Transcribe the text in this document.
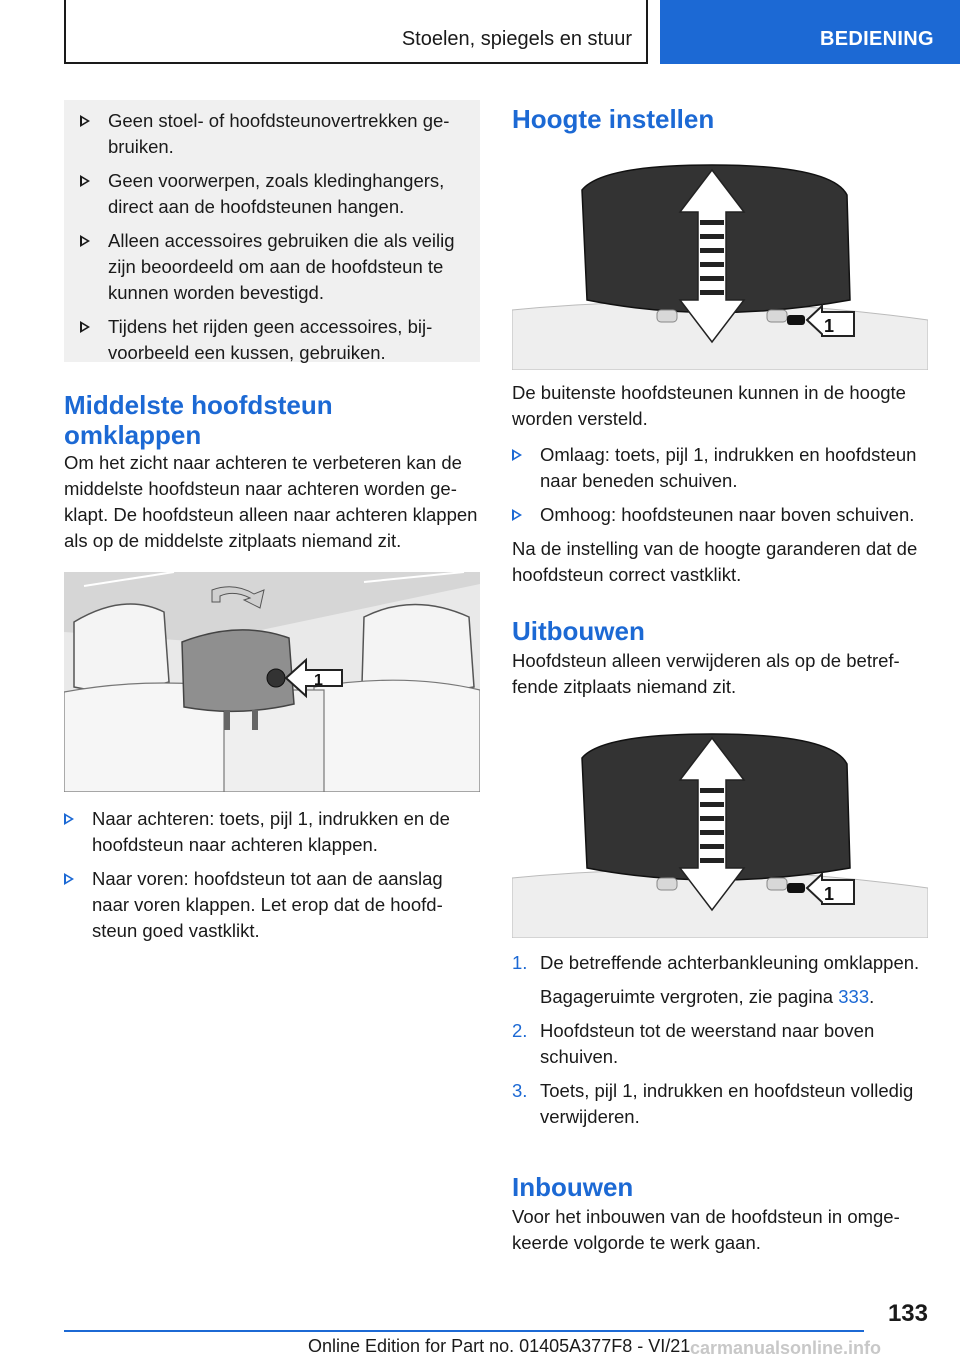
Stoelen, spiegels en stuur	BEDIENING
Geen stoel- of hoofdsteunovertrekken gebruiken.
Geen voorwerpen, zoals kledinghangers, direct aan de hoofdsteunen hangen.
Alleen accessoires gebruiken die als veilig zijn beoordeeld om aan de hoofdsteun te kunnen worden bevestigd.
Tijdens het rijden geen accessoires, bijvoorbeeld een kussen, gebruiken.
Middelste hoofdsteun
omklappen

Om het zicht naar achteren te verbeteren kan de middelste hoofdsteun naar achteren worden geklapt. De hoofdsteun alleen naar achteren klappen als op de middelste zitplaats niemand zit.

1
Naar achteren: toets, pijl 1, indrukken en de hoofdsteun naar achteren klappen.
Naar voren: hoofdsteun tot aan de aanslag naar voren klappen. Let erop dat de hoofdsteun goed vastklikt.
Hoogte instellen
1

De buitenste hoofdsteunen kunnen in de hoogte worden versteld.

Omlaag: toets, pijl 1, indrukken en hoofdsteun naar beneden schuiven.
Omhoog: hoofdsteunen naar boven schuiven.

Na de instelling van de hoogte garanderen dat de hoofdsteun correct vastklikt.

Uitbouwen

Hoofdsteun alleen verwijderen als op de betreffende zitplaats niemand zit.

1
1. De betreffende achterbankleuning omklappen.
Bagageruimte vergroten, zie pagina 333.
2. Hoofdsteun tot de weerstand naar boven schuiven.
3. Toets, pijl 1, indrukken en hoofdsteun volledig verwijderen.
Inbouwen

Voor het inbouwen van de hoofdsteun in omgekeerde volgorde te werk gaan.

133
Online Edition for Part no. 01405A377F8 - VI/21 carmanualsonline.info
